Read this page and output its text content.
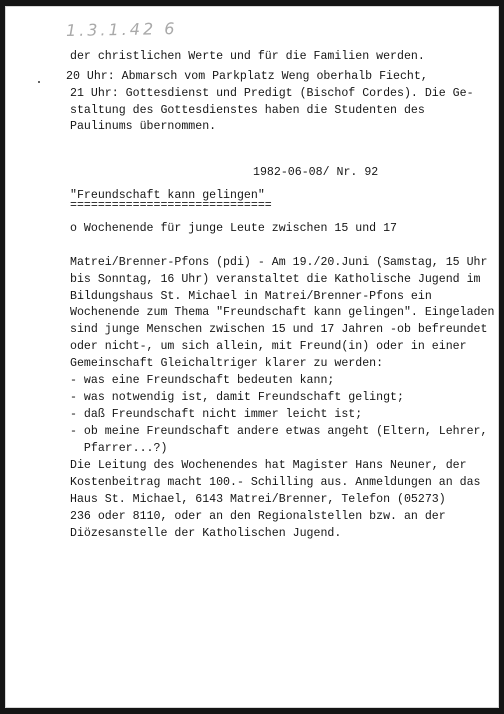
1.3.1.42 6
der christlichen Werte und für die Familien werden.
20 Uhr: Abmarsch vom Parkplatz Weng oberhalb Fiecht,
21 Uhr: Gottesdienst und Predigt (Bischof Cordes). Die Ge-
staltung des Gottesdienstes haben die Studenten des
Paulinums übernommen.
1982-06-08/ Nr. 92
"Freundschaft kann gelingen"
=============================
o Wochenende für junge Leute zwischen 15 und 17
Matrei/Brenner-Pfons (pdi) - Am 19./20.Juni (Samstag, 15 Uhr
bis Sonntag, 16 Uhr) veranstaltet die Katholische Jugend im
Bildungshaus St. Michael in Matrei/Brenner-Pfons ein
Wochenende zum Thema "Freundschaft kann gelingen". Eingeladen
sind junge Menschen zwischen 15 und 17 Jahren -ob befreundet
oder nicht-, um sich allein, mit Freund(in) oder in einer
Gemeinschaft Gleichaltriger klarer zu werden:
- was eine Freundschaft bedeuten kann;
- was notwendig ist, damit Freundschaft gelingt;
- daß Freundschaft nicht immer leicht ist;
- ob meine Freundschaft andere etwas angeht (Eltern, Lehrer,
Pfarrer...?)
Die Leitung des Wochenendes hat Magister Hans Neuner, der
Kostenbeitrag macht 100.- Schilling aus. Anmeldungen an das
Haus St. Michael, 6143 Matrei/Brenner, Telefon (05273)
236 oder 8110, oder an den Regionalstellen bzw. an der
Diözesanstelle der Katholischen Jugend.
